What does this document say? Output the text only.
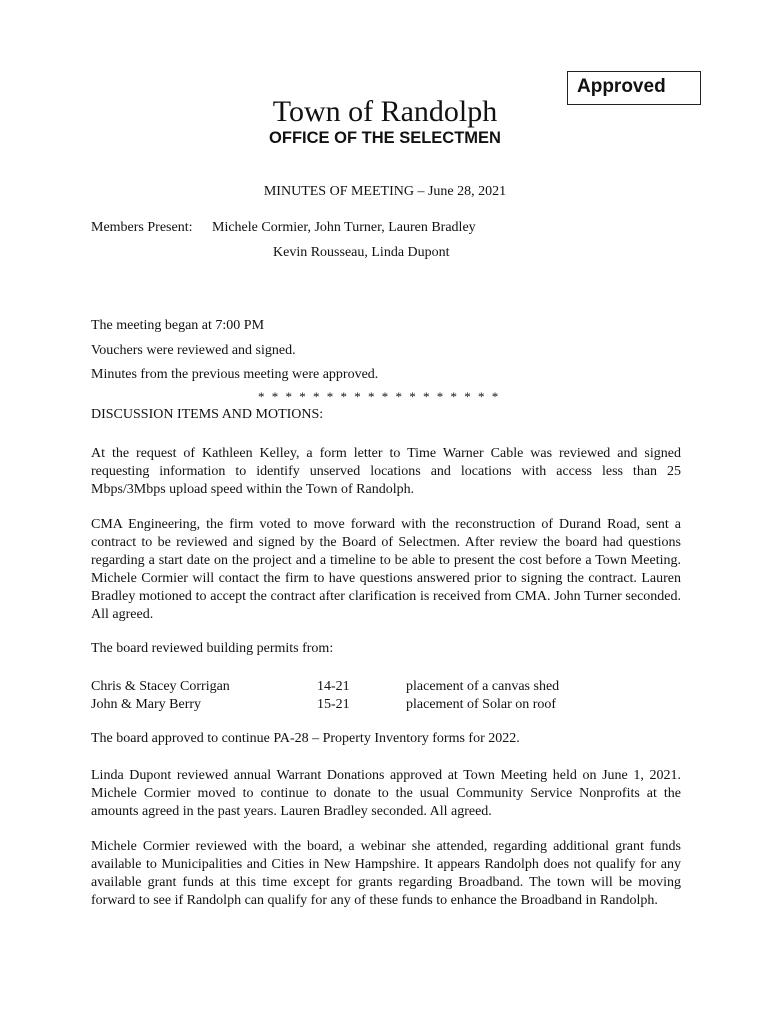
Approved
Town of Randolph
OFFICE OF THE SELECTMEN
MINUTES OF MEETING – June 28, 2021
Members Present: Michele Cormier, John Turner, Lauren Bradley
Kevin Rousseau, Linda Dupont
The meeting began at 7:00 PM
Vouchers were reviewed and signed.
Minutes from the previous meeting were approved.
* * * * * * * * * * * * * * * * * *
DISCUSSION ITEMS AND MOTIONS:

At the request of Kathleen Kelley, a form letter to Time Warner Cable was reviewed and signed requesting information to identify unserved locations and locations with access less than 25 Mbps/3Mbps upload speed within the Town of Randolph.

CMA Engineering, the firm voted to move forward with the reconstruction of Durand Road, sent a contract to be reviewed and signed by the Board of Selectmen. After review the board had questions regarding a start date on the project and a timeline to be able to present the cost before a Town Meeting. Michele Cormier will contact the firm to have questions answered prior to signing the contract. Lauren Bradley motioned to accept the contract after clarification is received from CMA. John Turner seconded. All agreed.

The board reviewed building permits from:
Chris & Stacey Corrigan	14-21	placement of a canvas shed
John & Mary Berry	15-21	placement of Solar on roof
The board approved to continue PA-28 – Property Inventory forms for 2022.

Linda Dupont reviewed annual Warrant Donations approved at Town Meeting held on June 1, 2021. Michele Cormier moved to continue to donate to the usual Community Service Nonprofits at the amounts agreed in the past years. Lauren Bradley seconded. All agreed.

Michele Cormier reviewed with the board, a webinar she attended, regarding additional grant funds available to Municipalities and Cities in New Hampshire. It appears Randolph does not qualify for any available grant funds at this time except for grants regarding Broadband. The town will be moving forward to see if Randolph can qualify for any of these funds to enhance the Broadband in Randolph.
